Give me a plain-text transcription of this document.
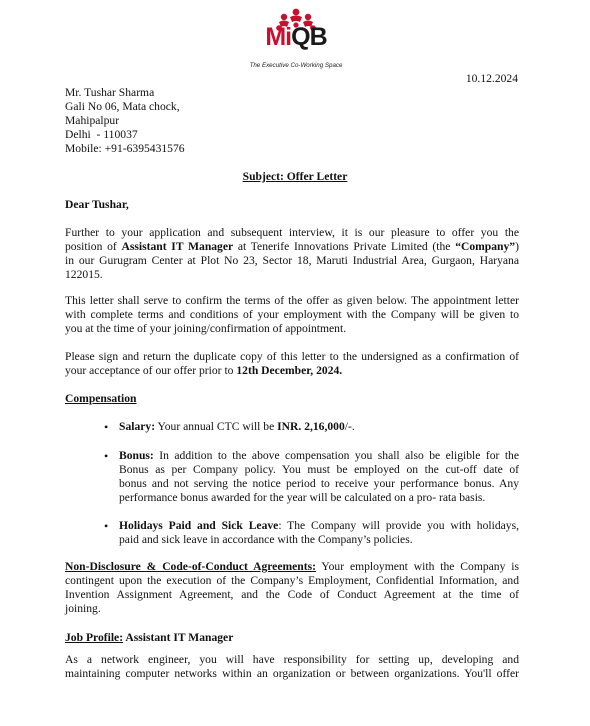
MiQB
The Executive Co-Working Space
10.12.2024
Mr. Tushar Sharma
Gali No 06, Mata chock,
Mahipalpur
Delhi  - 110037
Mobile: +91-6395431576
Subject: Offer Letter
Dear Tushar,
Further to your application and subsequent interview, it is our pleasure to offer you the
position of Assistant IT Manager at Tenerife Innovations Private Limited (the “Company”)
in our Gurugram Center at Plot No 23, Sector 18, Maruti Industrial Area, Gurgaon, Haryana
122015.
This letter shall serve to confirm the terms of the offer as given below. The appointment letter
with complete terms and conditions of your employment with the Company will be given to
you at the time of your joining/confirmation of appointment.
Please sign and return the duplicate copy of this letter to the undersigned as a confirmation of
your acceptance of our offer prior to 12th December, 2024.
Compensation
• Salary: Your annual CTC will be INR. 2,16,000/-.
• Bonus: In addition to the above compensation you shall also be eligible for the
Bonus as per Company policy. You must be employed on the cut-off date of
bonus and not serving the notice period to receive your performance bonus. Any
performance bonus awarded for the year will be calculated on a pro- rata basis.
• Holidays Paid and Sick Leave: The Company will provide you with holidays,
paid and sick leave in accordance with the Company’s policies.
Non-Disclosure & Code-of-Conduct Agreements: Your employment with the Company is
contingent upon the execution of the Company’s Employment, Confidential Information, and
Invention Assignment Agreement, and the Code of Conduct Agreement at the time of
joining.
Job Profile: Assistant IT Manager
As a network engineer, you will have responsibility for setting up, developing and
maintaining computer networks within an organization or between organizations. You'll offer
